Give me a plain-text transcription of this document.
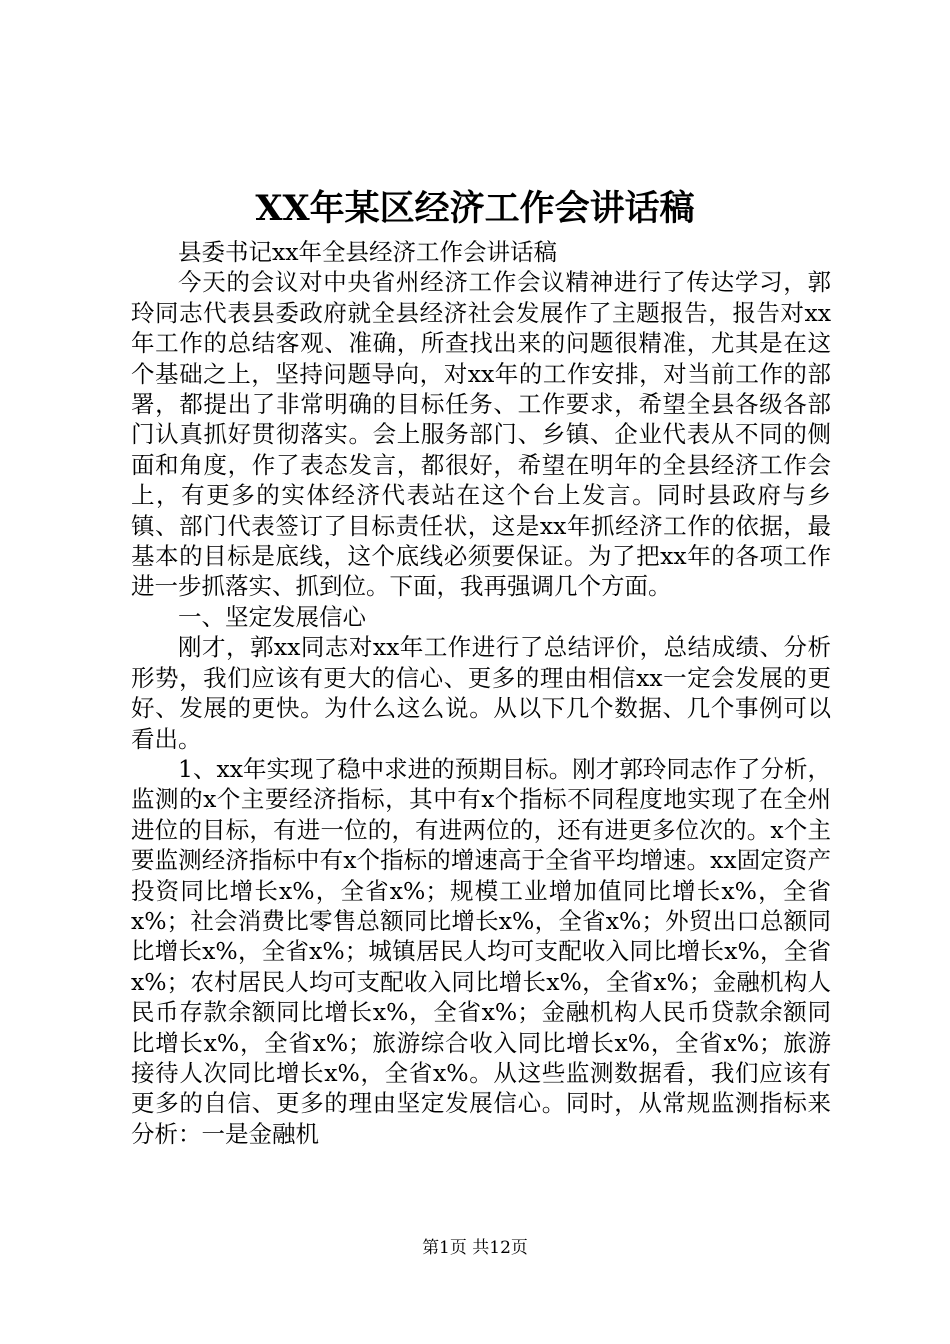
XX年某区经济工作会讲话稿

县委书记xx年全县经济工作会讲话稿

今天的会议对中央省州经济工作会议精神进行了传达学习，郭玲同志代表县委政府就全县经济社会发展作了主题报告，报告对xx年工作的总结客观、准确，所查找出来的问题很精准，尤其是在这个基础之上，坚持问题导向，对xx年的工作安排，对当前工作的部署，都提出了非常明确的目标任务、工作要求，希望全县各级各部门认真抓好贯彻落实。会上服务部门、乡镇、企业代表从不同的侧面和角度，作了表态发言，都很好，希望在明年的全县经济工作会上，有更多的实体经济代表站在这个台上发言。同时县政府与乡镇、部门代表签订了目标责任状，这是xx年抓经济工作的依据，最基本的目标是底线，这个底线必须要保证。为了把xx年的各项工作进一步抓落实、抓到位。下面，我再强调几个方面。

一、坚定发展信心

刚才，郭xx同志对xx年工作进行了总结评价，总结成绩、分析形势，我们应该有更大的信心、更多的理由相信xx一定会发展的更好、发展的更快。为什么这么说。从以下几个数据、几个事例可以看出。

1、xx年实现了稳中求进的预期目标。刚才郭玲同志作了分析，监测的x个主要经济指标，其中有x个指标不同程度地实现了在全州进位的目标，有进一位的，有进两位的，还有进更多位次的。x个主要监测经济指标中有x个指标的增速高于全省平均增速。xx固定资产投资同比增长x%，全省x%；规模工业增加值同比增长x%，全省x%；社会消费比零售总额同比增长x%，全省x%；外贸出口总额同比增长x%，全省x%；城镇居民人均可支配收入同比增长x%，全省x%；农村居民人均可支配收入同比增长x%，全省x%；金融机构人民币存款余额同比增长x%，全省x%；金融机构人民币贷款余额同比增长x%，全省x%；旅游综合收入同比增长x%，全省x%；旅游接待人次同比增长x%，全省x%。从这些监测数据看，我们应该有更多的自信、更多的理由坚定发展信心。同时，从常规监测指标来分析：一是金融机

第1页 共12页
